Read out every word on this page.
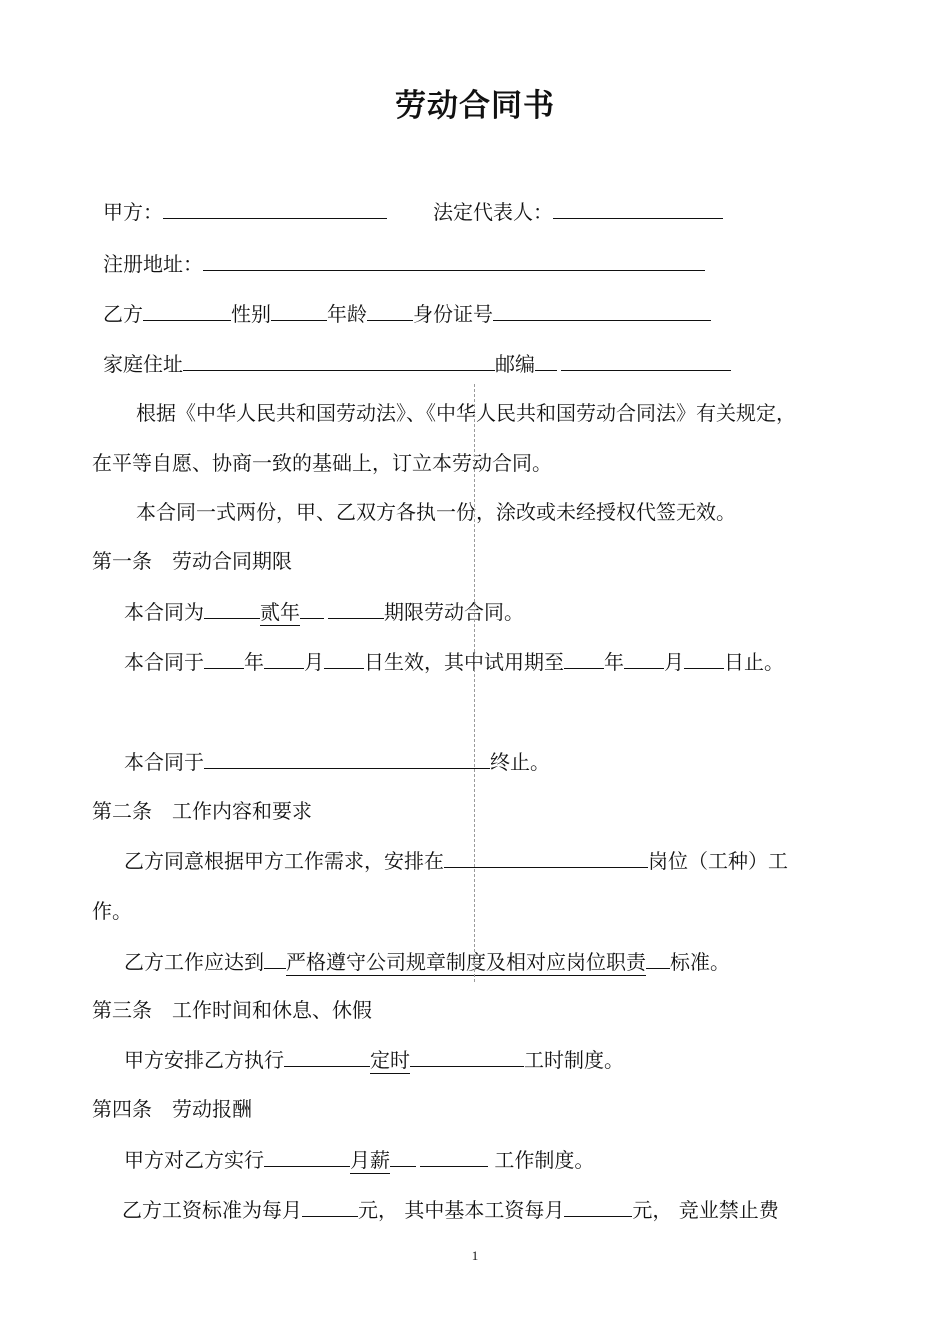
劳动合同书
甲方：	法定代表人：
注册地址：
乙方	性别	年龄 身份证号
家庭住址	邮编
根据《中华人民共和国劳动法》、《中华人民共和国劳动合同法》有关规定，
在平等自愿、协商一致的基础上，订立本劳动合同。
本合同一式两份，甲、乙双方各执一份，涂改或未经授权代签无效。
第一条　劳动合同期限
本合同为	贰年	期限劳动合同。
本合同于 年 月 日生效，其中试用期至 年 月 日止。
本合同于	终止。
第二条　工作内容和要求
乙方同意根据甲方工作需求，安排在	岗位（工种）工
作。
乙方工作应达到 严格遵守公司规章制度及相对应岗位职责 标准。
第三条　工作时间和休息、休假
甲方安排乙方执行	定时	工时制度。
第四条　劳动报酬
甲方对乙方实行	月薪	工作制度。
乙方工资标准为每月	元， 其中基本工资每月	元， 竞业禁止费
1
